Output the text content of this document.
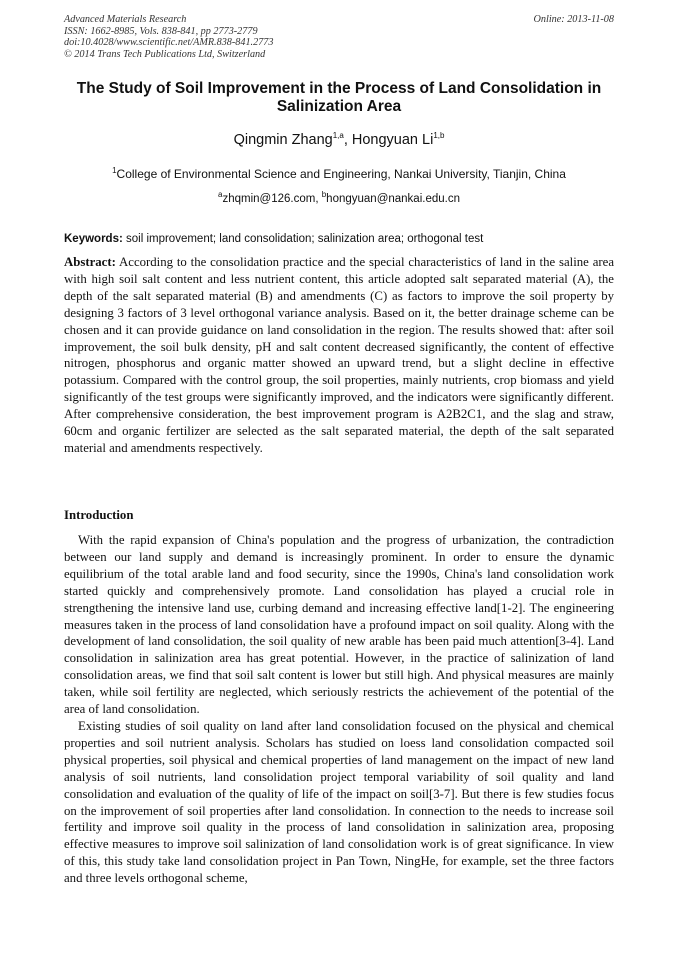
Advanced Materials Research
ISSN: 1662-8985, Vols. 838-841, pp 2773-2779
doi:10.4028/www.scientific.net/AMR.838-841.2773
© 2014 Trans Tech Publications Ltd, Switzerland
Online: 2013-11-08
The Study of Soil Improvement in the Process of Land Consolidation in Salinization Area
Qingmin Zhang$^{1,a}$, Hongyuan Li$^{1,b}$
$^1$College of Environmental Science and Engineering, Nankai University, Tianjin, China
$^a$zhqmin@126.com, $^b$hongyuan@nankai.edu.cn
Keywords: soil improvement; land consolidation; salinization area; orthogonal test
Abstract: According to the consolidation practice and the special characteristics of land in the saline area with high soil salt content and less nutrient content, this article adopted salt separated material (A), the depth of the salt separated material (B) and amendments (C) as factors to improve the soil property by designing 3 factors of 3 level orthogonal variance analysis. Based on it, the better drainage scheme can be chosen and it can provide guidance on land consolidation in the region. The results showed that: after soil improvement, the soil bulk density, pH and salt content decreased significantly, the content of effective nitrogen, phosphorus and organic matter showed an upward trend, but a slight decline in effective potassium. Compared with the control group, the soil properties, mainly nutrients, crop biomass and yield significantly of the test groups were significantly improved, and the indicators were significantly different. After comprehensive consideration, the best improvement program is A2B2C1, and the slag and straw, 60cm and organic fertilizer are selected as the salt separated material, the depth of the salt separated material and amendments respectively.
Introduction

With the rapid expansion of China's population and the progress of urbanization, the contradiction between our land supply and demand is increasingly prominent. In order to ensure the dynamic equilibrium of the total arable land and food security, since the 1990s, China's land consolidation work started quickly and comprehensively promote. Land consolidation has played a crucial role in strengthening the intensive land use, curbing demand and increasing effective land[1-2]. The engineering measures taken in the process of land consolidation have a profound impact on soil quality. Along with the development of land consolidation, the soil quality of new arable has been paid much attention[3-4]. Land consolidation in salinization area has great potential. However, in the practice of salinization of land consolidation areas, we find that soil salt content is lower but still high. And physical measures are mainly taken, while soil fertility are neglected, which seriously restricts the achievement of the potential of the area of land consolidation.

Existing studies of soil quality on land after land consolidation focused on the physical and chemical properties and soil nutrient analysis. Scholars has studied on loess land consolidation compacted soil physical properties, soil physical and chemical properties of land management on the impact of new land analysis of soil nutrients, land consolidation project temporal variability of soil quality and land consolidation and evaluation of the quality of life of the impact on soil[3-7]. But there is few studies focus on the improvement of soil properties after land consolidation. In connection to the needs to increase soil fertility and improve soil quality in the process of land consolidation in salinization area, proposing effective measures to improve soil salinization of land consolidation work is of great significance. In view of this, this study take land consolidation project in Pan Town, NingHe, for example, set the three factors and three levels orthogonal scheme,
